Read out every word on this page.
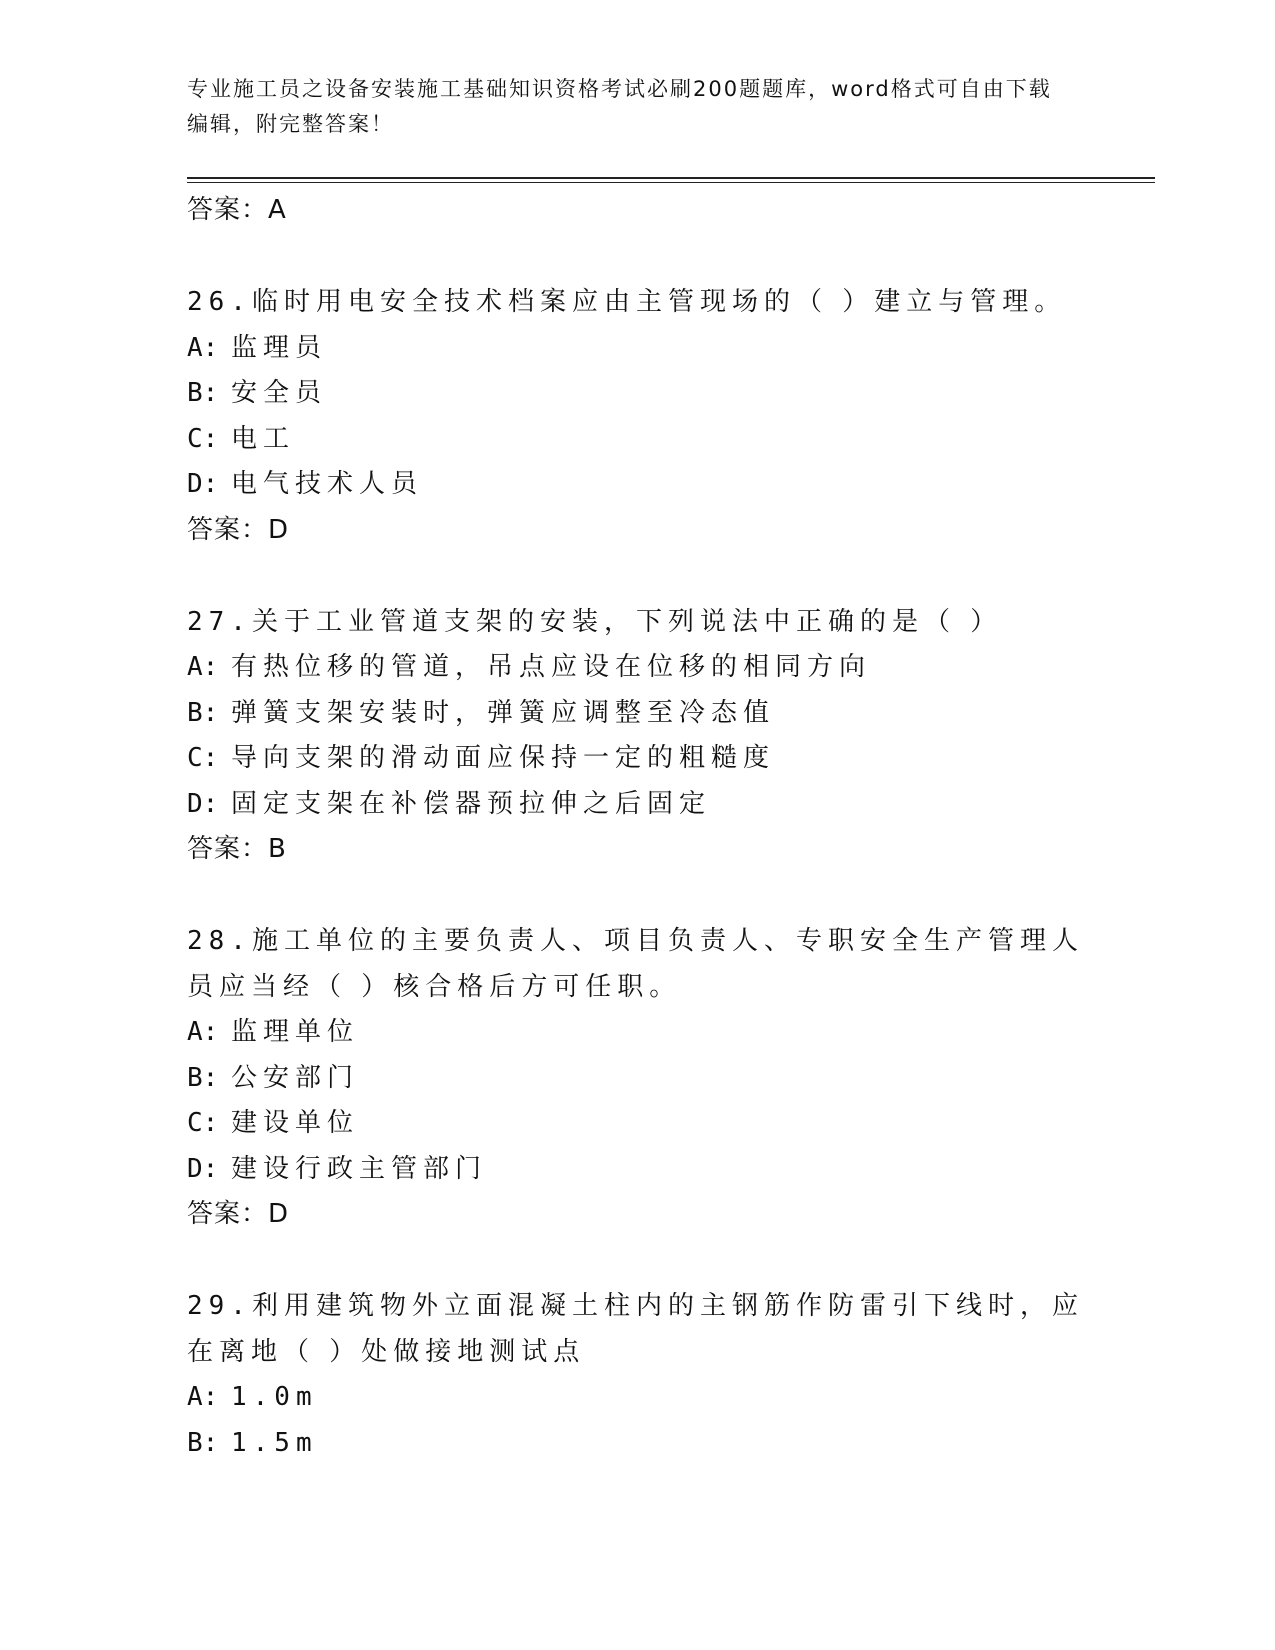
专业施工员之设备安装施工基础知识资格考试必刷200题题库，word格式可自由下载编辑，附完整答案！
答案：A
26.临时用电安全技术档案应由主管现场的（ ）建立与管理。
A: 监理员
B: 安全员
C: 电工
D: 电气技术人员
答案：D
27.关于工业管道支架的安装，下列说法中正确的是（ ）
A: 有热位移的管道，吊点应设在位移的相同方向
B: 弹簧支架安装时，弹簧应调整至冷态值
C: 导向支架的滑动面应保持一定的粗糙度
D: 固定支架在补偿器预拉伸之后固定
答案：B
28.施工单位的主要负责人、项目负责人、专职安全生产管理人员应当经（ ）核合格后方可任职。
A: 监理单位
B: 公安部门
C: 建设单位
D: 建设行政主管部门
答案：D
29.利用建筑物外立面混凝土柱内的主钢筋作防雷引下线时，应在离地（ ）处做接地测试点
A: 1.0m
B: 1.5m
